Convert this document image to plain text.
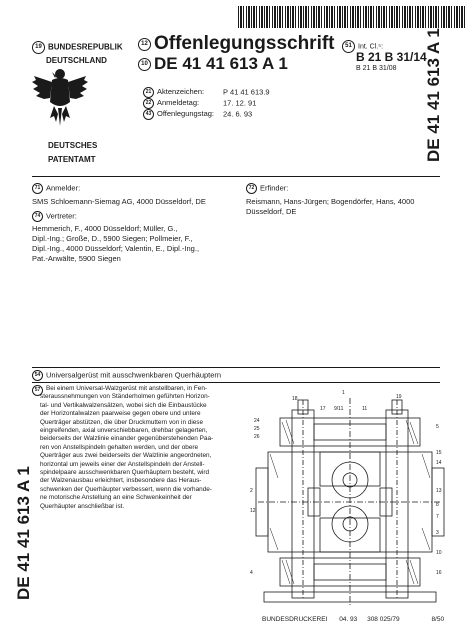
19 BUNDESREPUBLIK
DEUTSCHLAND
DEUTSCHES
PATENTAMT
12 Offenlegungsschrift
10 DE 41 41 613 A 1
51 Int. Cl.⁵:
B 21 B 31/14
B 21 B 31/08
21 Aktenzeichen:	P 41 41 613.9
22 Anmeldetag:	17. 12. 91
43 Offenlegungstag: 24. 6. 93	DE 41 41 613 A 1
DE 41 41 613 A 1
71 Anmelder:
SMS Schloemann-Siemag AG, 4000 Düsseldorf, DE
74 Vertreter:
Hemmerich, F., 4000 Düsseldorf; Müller, G.,
Dipl.-Ing.; Große, D., 5900 Siegen; Pollmeier, F.,
Dipl.-Ing., 4000 Düsseldorf; Valentin, E., Dipl.-Ing.,
Pat.-Anwälte, 5900 Siegen
72 Erfinder:
Reismann, Hans-Jürgen; Bogendörfer, Hans, 4000
Düsseldorf, DE
54 Universalgerüst mit ausschwenkbaren Querhäuptern
57 Bei einem Universal-Walzgerüst mit anstellbaren, in Fen-
steraussnehmungen von Ständerholmen geführten Horizon-
tal- und Vertikalwalzensätzen, wobei sich die Einbaustücke
der Horizontalwalzen paarweise gegen obere und untere
Querträger abstützen, die über Druckmuttern von in diese
eingreifenden, axial unverschiebbaren, drehbar gelagerten,
beiderseits der Walzlinie einander gegenüberstehenden Paa-
ren von Anstellspindeln gehalten werden, und der obere
Querträger aus zwei beiderseits der Walzlinie angeordneten,
horizontal um jeweils einer der Anstellspindeln der Anstell-
spindelpaare ausschwenkbaren Querhäuptern besteht, wird
der Walzenausbau erleichtert, insbesondere das Heraus-
schwenken der Querhäupter verbessert, wenn die vorhande-
ne motorische Anstellung an eine Schwenkeinheit der
Querhäupter anschließbar ist.
1
18
17 9/11	11
19
24
25
26
5
15
14
2
12
13
8
7
3
10
16
4
BUNDESDRUCKEREI 04. 93 308 025/79	8/50
